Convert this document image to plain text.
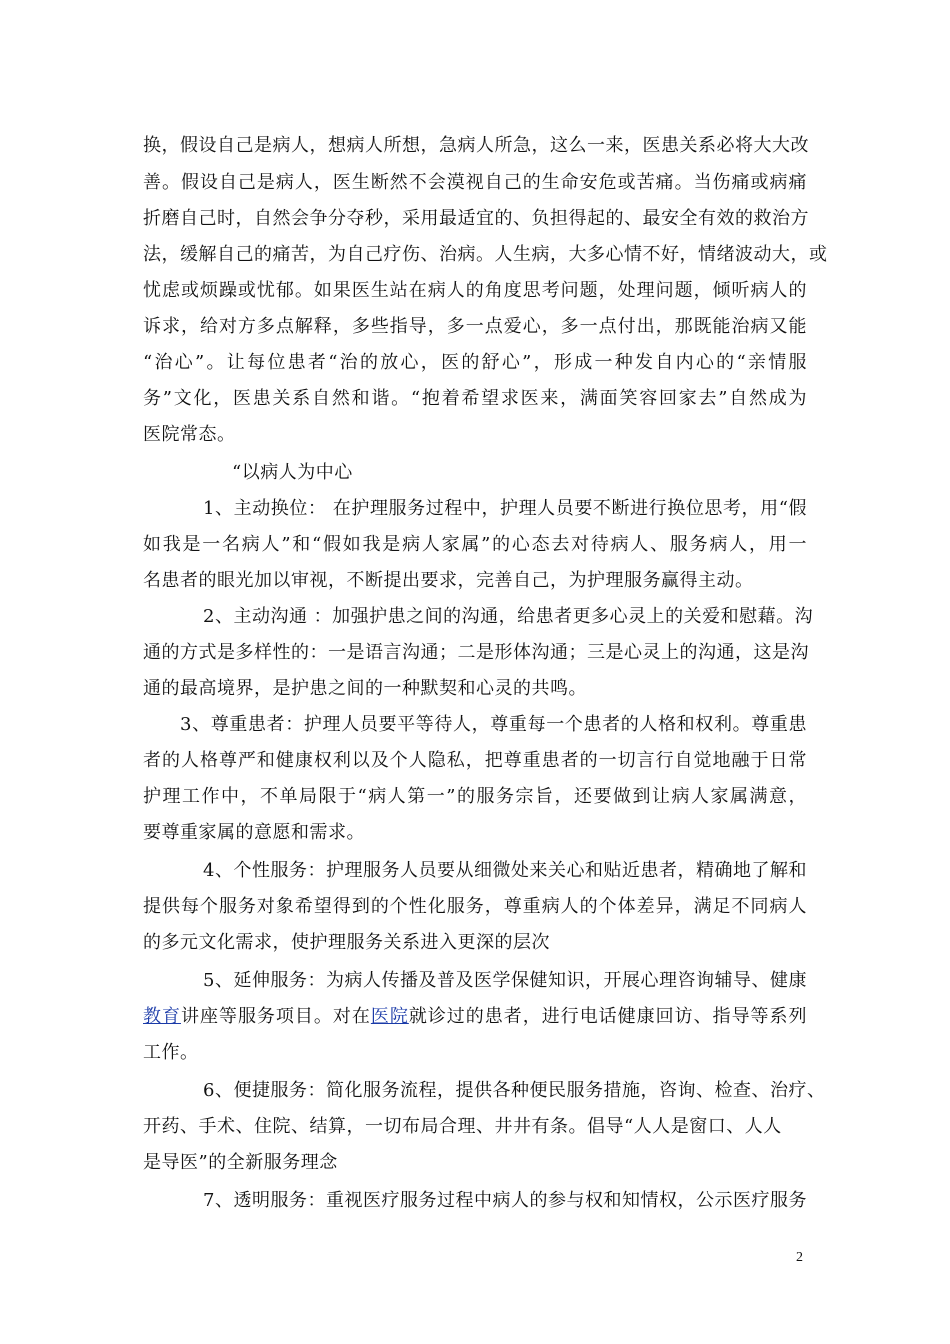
换，假设自己是病人，想病人所想，急病人所急，这么一来，医患关系必将大大改
善。假设自己是病人，医生断然不会漠视自己的生命安危或苦痛。当伤痛或病痛
折磨自己时，自然会争分夺秒，采用最适宜的、负担得起的、最安全有效的救治方
法，缓解自己的痛苦，为自己疗伤、治病。人生病，大多心情不好，情绪波动大，或
忧虑或烦躁或忧郁。如果医生站在病人的角度思考问题，处理问题，倾听病人的
诉求，给对方多点解释，多些指导，多一点爱心，多一点付出，那既能治病又能
“治心”。让每位患者“治的放心，医的舒心”，形成一种发自内心的“亲情服
务”文化，医患关系自然和谐。“抱着希望求医来，满面笑容回家去”自然成为
医院常态。
“以病人为中心
1、主动换位： 在护理服务过程中，护理人员要不断进行换位思考，用“假
如我是一名病人”和“假如我是病人家属”的心态去对待病人、服务病人，用一
名患者的眼光加以审视，不断提出要求，完善自己，为护理服务赢得主动。
2、主动沟通 ：加强护患之间的沟通，给患者更多心灵上的关爱和慰藉。沟
通的方式是多样性的：一是语言沟通；二是形体沟通；三是心灵上的沟通，这是沟
通的最高境界，是护患之间的一种默契和心灵的共鸣。
3、尊重患者：护理人员要平等待人，尊重每一个患者的人格和权利。尊重患
者的人格尊严和健康权利以及个人隐私，把尊重患者的一切言行自觉地融于日常
护理工作中，不单局限于“病人第一”的服务宗旨，还要做到让病人家属满意，
要尊重家属的意愿和需求。
4、个性服务：护理服务人员要从细微处来关心和贴近患者，精确地了解和
提供每个服务对象希望得到的个性化服务，尊重病人的个体差异，满足不同病人
的多元文化需求，使护理服务关系进入更深的层次
5、延伸服务：为病人传播及普及医学保健知识，开展心理咨询辅导、健康
教育讲座等服务项目。对在医院就诊过的患者，进行电话健康回访、指导等系列
工作。
6、便捷服务：简化服务流程，提供各种便民服务措施，咨询、检查、治疗、
开药、手术、住院、结算，一切布局合理、井井有条。倡导“人人是窗口、人人
是导医”的全新服务理念
7、透明服务：重视医疗服务过程中病人的参与权和知情权，公示医疗服务
2
